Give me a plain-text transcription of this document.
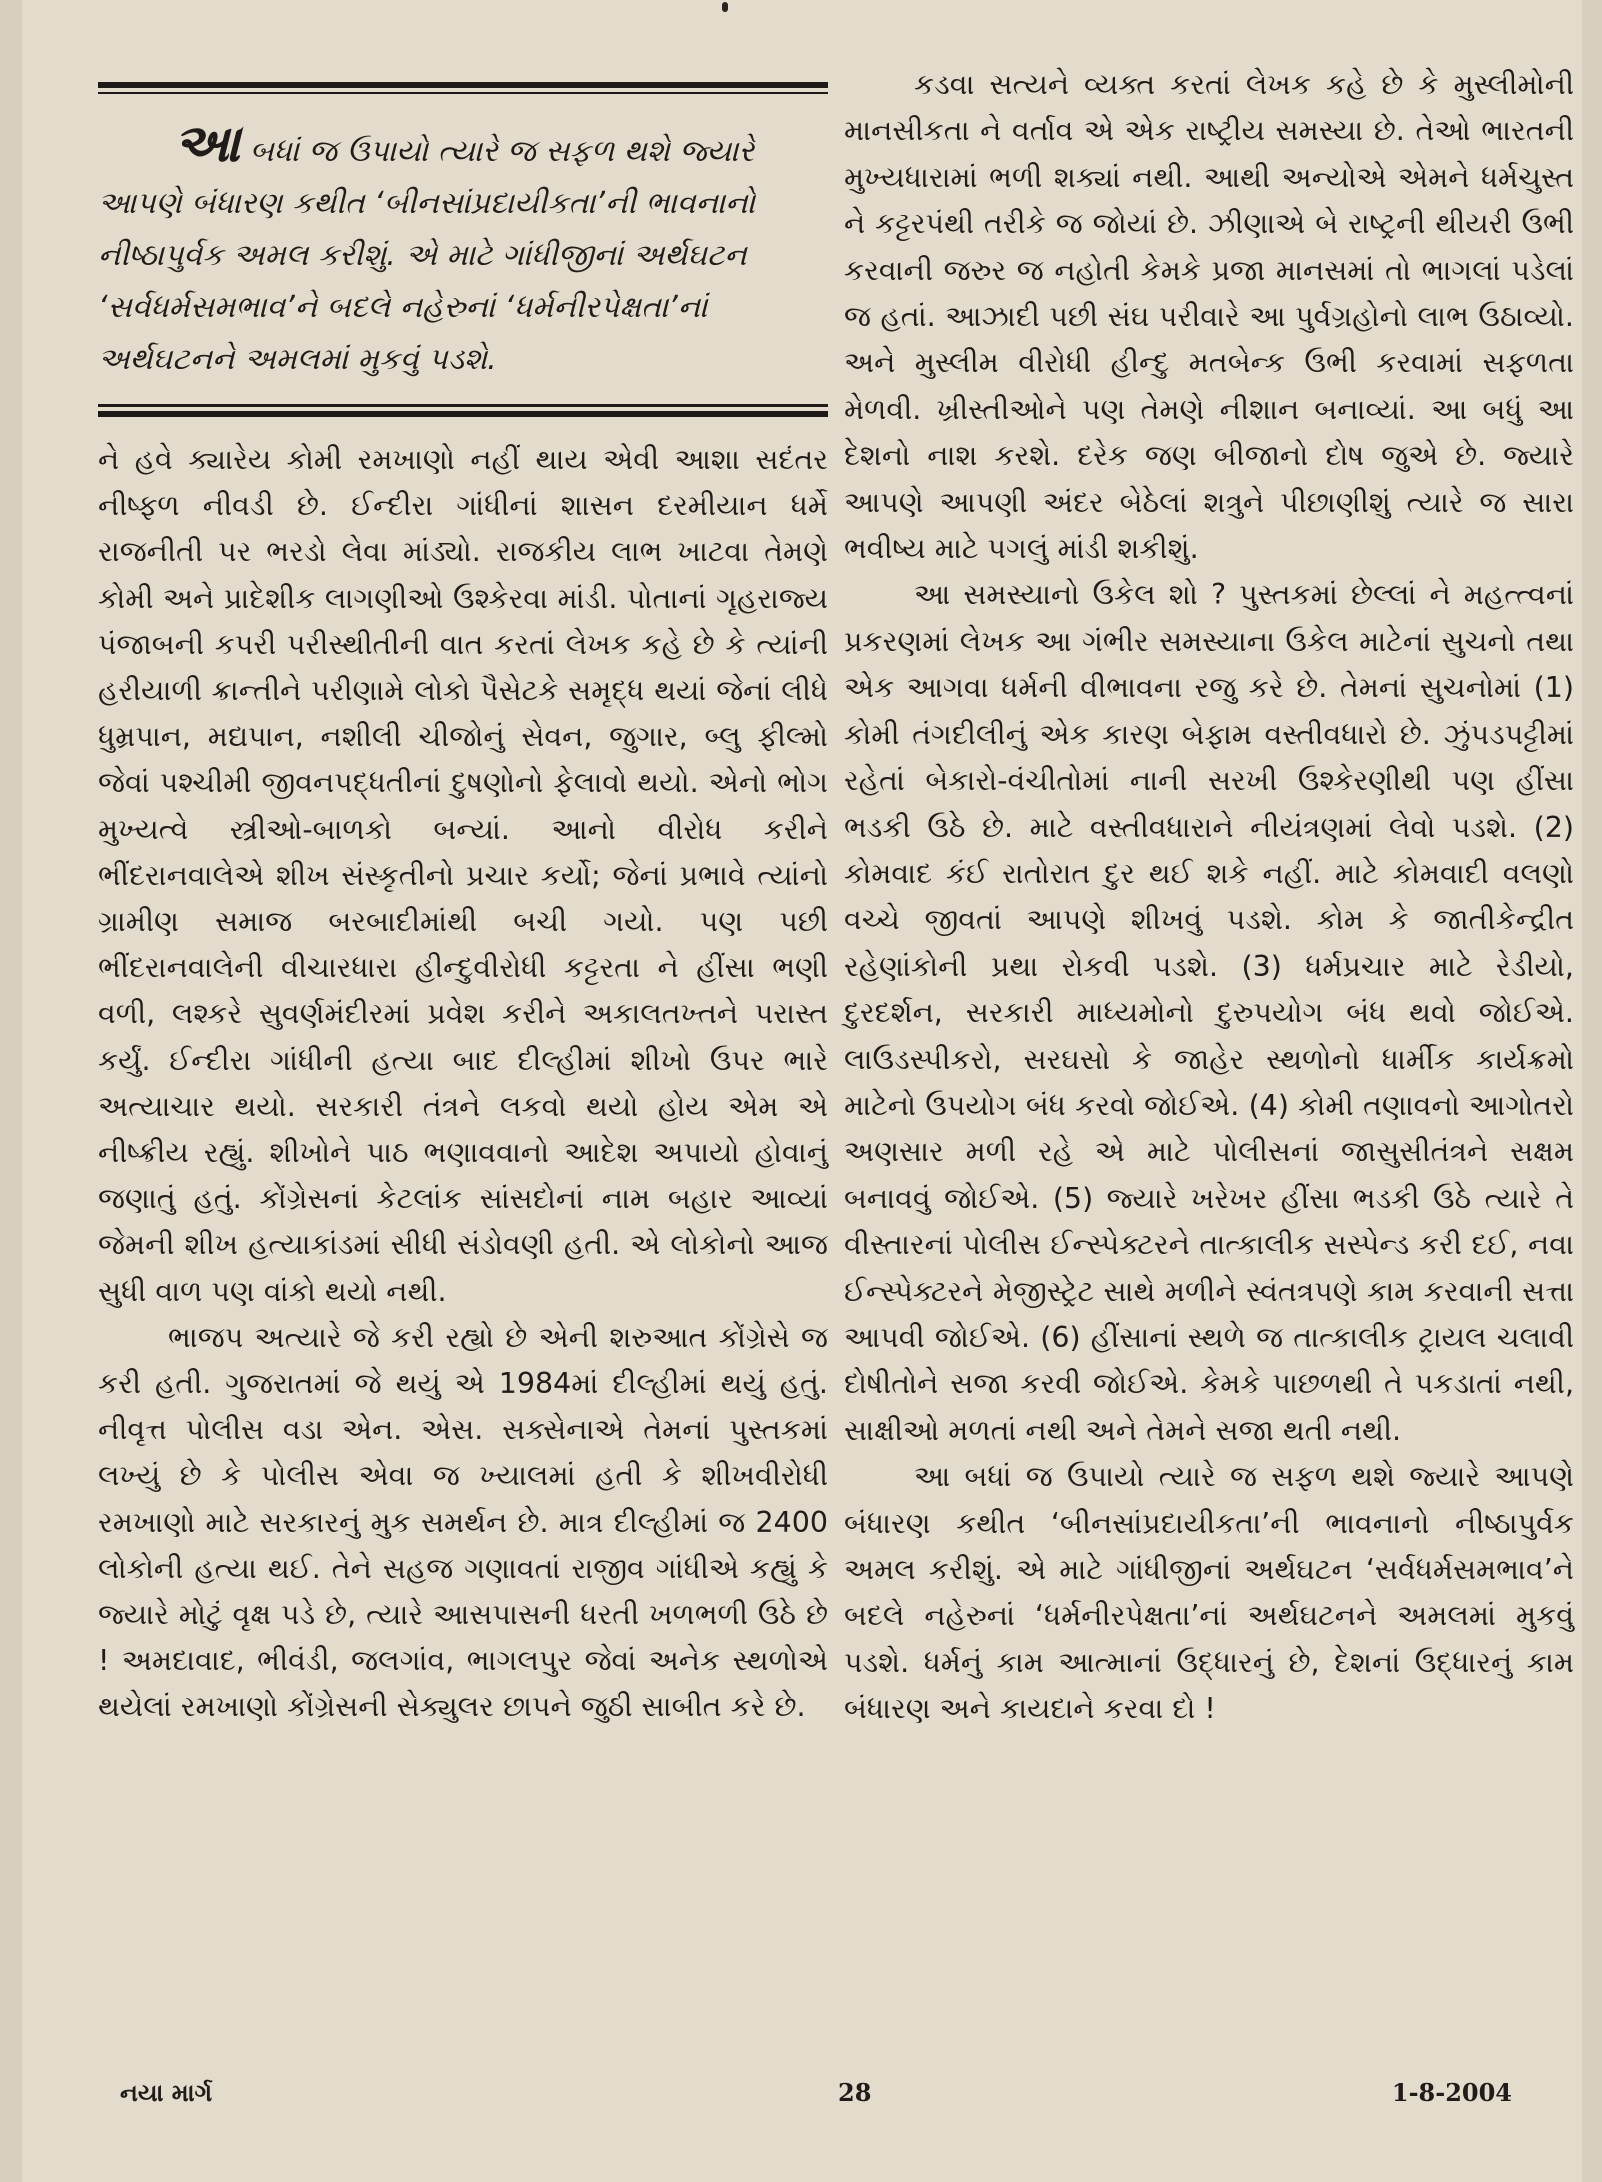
આ બધાં જ ઉપાયો ત્યારે જ સફળ થશે જ્યારે આપણે બંધારણ કથીત ‘બીનસાંપ્રદાયીકતા’ની ભાવનાનો નીષ્ઠાપુર્વક અમલ કરીશું. એ માટે ગાંધીજીનાં અર્થઘટન ‘સર્વધર્મસમભાવ’ને બદલે નહેરુનાં ‘ધર્મનીરપેક્ષતા’નાં અર્થઘટનને અમલમાં મુકવું પડશે.

ને હવે ક્યારેય કોમી રમખાણો નહીં થાય એવી આશા સદંતર નીષ્ફળ નીવડી છે. ઈન્દીરા ગાંધીનાં શાસન દરમીયાન ધર્મે રાજનીતી પર ભરડો લેવા માંડ્યો. રાજકીય લાભ ખાટવા તેમણે કોમી અને પ્રાદેશીક લાગણીઓ ઉશ્કેરવા માંડી. પોતાનાં ગૃહરાજ્ય પંજાબની કપરી પરીસ્થીતીની વાત કરતાં લેખક કહે છે કે ત્યાંની હરીયાળી ક્રાન્તીને પરીણામે લોકો પૈસેટકે સમૃદ્ધ થયાં જેનાં લીધે ધુમ્રપાન, મદ્યપાન, નશીલી ચીજોનું સેવન, જુગાર, બ્લુ ફીલ્મો જેવાં પશ્ચીમી જીવનપદ્ધતીનાં દુષણોનો ફેલાવો થયો. એનો ભોગ મુખ્યત્વે સ્ત્રીઓ-બાળકો બન્યાં. આનો વીરોધ કરીને ભીંદરાનવાલેએ શીખ સંસ્કૃતીનો પ્રચાર કર્યો; જેનાં પ્રભાવે ત્યાંનો ગ્રામીણ સમાજ બરબાદીમાંથી બચી ગયો. પણ પછી ભીંદરાનવાલેની વીચારધારા હીન્દુવીરોધી કટ્ટરતા ને હીંસા ભણી વળી, લશ્કરે સુવર્ણમંદીરમાં પ્રવેશ કરીને અકાલતખ્તને પરાસ્ત કર્યું. ઈન્દીરા ગાંધીની હત્યા બાદ દીલ્હીમાં શીખો ઉપર ભારે અત્યાચાર થયો. સરકારી તંત્રને લકવો થયો હોય એમ એ નીષ્ક્રીય રહ્યું. શીખોને પાઠ ભણાવવાનો આદેશ અપાયો હોવાનું જણાતું હતું. કોંગ્રેસનાં કેટલાંક સાંસદોનાં નામ બહાર આવ્યાં જેમની શીખ હત્યાકાંડમાં સીધી સંડોવણી હતી. એ લોકોનો આજ સુધી વાળ પણ વાંકો થયો નથી.

ભાજપ અત્યારે જે કરી રહ્યો છે એની શરુઆત કોંગ્રેસે જ કરી હતી. ગુજરાતમાં જે થયું એ 1984માં દીલ્હીમાં થયું હતું. નીવૃત્ત પોલીસ વડા એન. એસ. સક્સેનાએ તેમનાં પુસ્તકમાં લખ્યું છે કે પોલીસ એવા જ ખ્યાલમાં હતી કે શીખવીરોધી રમખાણો માટે સરકારનું મુક સમર્થન છે. માત્ર દીલ્હીમાં જ 2400 લોકોની હત્યા થઈ. તેને સહજ ગણાવતાં રાજીવ ગાંધીએ કહ્યું કે જ્યારે મોટું વૃક્ષ પડે છે, ત્યારે આસપાસની ધરતી ખળભળી ઉઠે છે ! અમદાવાદ, ભીવંડી, જલગાંવ, ભાગલપુર જેવાં અનેક સ્થળોએ થયેલાં રમખાણો કોંગ્રેસની સેક્યુલર છાપને જુઠી સાબીત કરે છે.

કડવા સત્યને વ્યક્ત કરતાં લેખક કહે છે કે મુસ્લીમોની માનસીકતા ને વર્તાવ એ એક રાષ્ટ્રીય સમસ્યા છે. તેઓ ભારતની મુખ્યધારામાં ભળી શક્યાં નથી. આથી અન્યોએ એમને ધર્મચુસ્ત ને કટ્ટરપંથી તરીકે જ જોયાં છે. ઝીણાએ બે રાષ્ટ્રની થીયરી ઉભી કરવાની જરુર જ નહોતી કેમકે પ્રજા માનસમાં તો ભાગલાં પડેલાં જ હતાં. આઝાદી પછી સંઘ પરીવારે આ પુર્વગ્રહોનો લાભ ઉઠાવ્યો. અને મુસ્લીમ વીરોધી હીન્દુ મતબેન્ક ઉભી કરવામાં સફળતા મેળવી. ખ્રીસ્તીઓને પણ તેમણે નીશાન બનાવ્યાં. આ બધું આ દેશનો નાશ કરશે. દરેક જણ બીજાનો દોષ જુએ છે. જ્યારે આપણે આપણી અંદર બેઠેલાં શત્રુને પીછાણીશું ત્યારે જ સારા ભવીષ્ય માટે પગલું માંડી શકીશું.

આ સમસ્યાનો ઉકેલ શો ? પુસ્તકમાં છેલ્લાં ને મહત્ત્વનાં પ્રકરણમાં લેખક આ ગંભીર સમસ્યાના ઉકેલ માટેનાં સુચનો તથા એક આગવા ધર્મની વીભાવના રજુ કરે છે. તેમનાં સુચનોમાં (1) કોમી તંગદીલીનું એક કારણ બેફામ વસ્તીવધારો છે. ઝુંપડપટ્ટીમાં રહેતાં બેકારો-વંચીતોમાં નાની સરખી ઉશ્કેરણીથી પણ હીંસા ભડકી ઉઠે છે. માટે વસ્તીવધારાને નીયંત્રણમાં લેવો પડશે. (2) કોમવાદ કંઈ રાતોરાત દુર થઈ શકે નહીં. માટે કોમવાદી વલણો વચ્ચે જીવતાં આપણે શીખવું પડશે. કોમ કે જાતીકેન્દ્રીત રહેણાંકોની પ્રથા રોકવી પડશે. (3) ધર્મપ્રચાર માટે રેડીયો, દુરદર્શન, સરકારી માધ્યમોનો દુરુપયોગ બંધ થવો જોઈએ. લાઉડસ્પીકરો, સરઘસો કે જાહેર સ્થળોનો ધાર્મીક કાર્યક્રમો માટેનો ઉપયોગ બંધ કરવો જોઈએ. (4) કોમી તણાવનો આગોતરો અણસાર મળી રહે એ માટે પોલીસનાં જાસુસીતંત્રને સક્ષમ બનાવવું જોઈએ. (5) જ્યારે ખરેખર હીંસા ભડકી ઉઠે ત્યારે તે વીસ્તારનાં પોલીસ ઈન્સ્પેક્ટરને તાત્કાલીક સસ્પેન્ડ કરી દઈ, નવા ઈન્સ્પેક્ટરને મેજીસ્ટ્રેટ સાથે મળીને સ્વંતત્રપણે કામ કરવાની સત્તા આપવી જોઈએ. (6) હીંસાનાં સ્થળે જ તાત્કાલીક ટ્રાયલ ચલાવી દોષીતોને સજા કરવી જોઈએ. કેમકે પાછળથી તે પકડાતાં નથી, સાક્ષીઓ મળતાં નથી અને તેમને સજા થતી નથી.

આ બધાં જ ઉપાયો ત્યારે જ સફળ થશે જ્યારે આપણે બંધારણ કથીત ‘બીનસાંપ્રદાયીકતા’ની ભાવનાનો નીષ્ઠાપુર્વક અમલ કરીશું. એ માટે ગાંધીજીનાં અર્થઘટન ‘સર્વધર્મસમભાવ’ને બદલે નહેરુનાં ‘ધર્મનીરપેક્ષતા’નાં અર્થઘટનને અમલમાં મુકવું પડશે. ધર્મનું કામ આત્માનાં ઉદ્ધારનું છે, દેશનાં ઉદ્ધારનું કામ બંધારણ અને કાયદાને કરવા દો !

નયા માર્ગ	28	1-8-2004
